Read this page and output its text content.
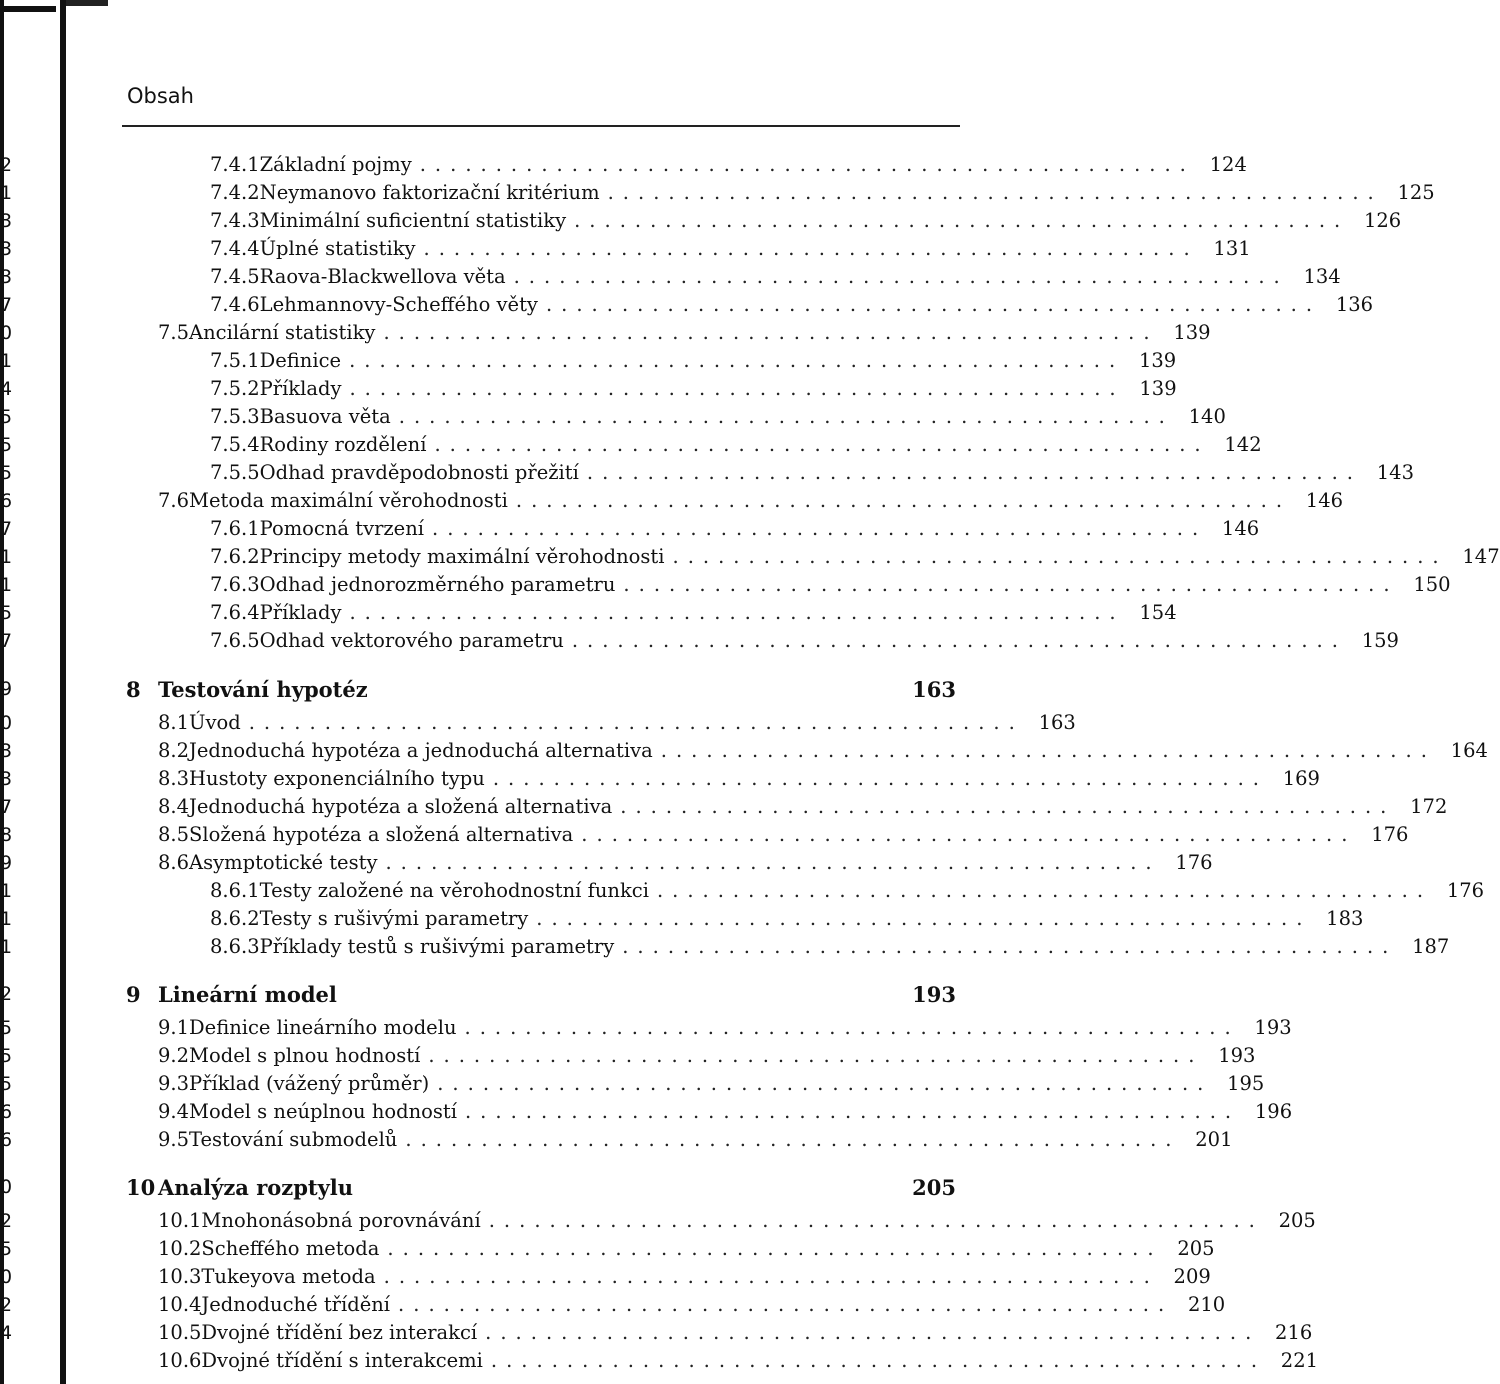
2
1
3
3
3
7
0
1
4
5
5
5
6
7
1
1
5
7
9
0
3
3
7
8
9
1
1
1
2
5
5
5
6
6
0
2
5
0
2
4
Obsah
7.4.1 Základní pojmy ................................................... 124
7.4.2 Neymanovo faktorizační kritérium ................................................... 125
7.4.3 Minimální suficientní statistiky ................................................... 126
7.4.4 Úplné statistiky ................................................... 131
7.4.5 Raova-Blackwellova věta ................................................... 134
7.4.6 Lehmannovy-Scheffého věty ................................................... 136
7.5 Ancilární statistiky ................................................... 139
7.5.1 Definice ................................................... 139
7.5.2 Příklady ................................................... 139
7.5.3 Basuova věta ................................................... 140
7.5.4 Rodiny rozdělení ................................................... 142
7.5.5 Odhad pravděpodobnosti přežití ................................................... 143
7.6 Metoda maximální věrohodnosti ................................................... 146
7.6.1 Pomocná tvrzení ................................................... 146
7.6.2 Principy metody maximální věrohodnosti ................................................... 147
7.6.3 Odhad jednorozměrného parametru ................................................... 150
7.6.4 Příklady ................................................... 154
7.6.5 Odhad vektorového parametru ................................................... 159
8 Testování hypotéz	163
8.1 Úvod ................................................... 163
8.2 Jednoduchá hypotéza a jednoduchá alternativa ................................................... 164
8.3 Hustoty exponenciálního typu ................................................... 169
8.4 Jednoduchá hypotéza a složená alternativa ................................................... 172
8.5 Složená hypotéza a složená alternativa ................................................... 176
8.6 Asymptotické testy ................................................... 176
8.6.1 Testy založené na věrohodnostní funkci ................................................... 176
8.6.2 Testy s rušivými parametry ................................................... 183
8.6.3 Příklady testů s rušivými parametry ................................................... 187
9 Lineární model	193
9.1 Definice lineárního modelu ................................................... 193
9.2 Model s plnou hodností ................................................... 193
9.3 Příklad (vážený průměr) ................................................... 195
9.4 Model s neúplnou hodností ................................................... 196
9.5 Testování submodelů ................................................... 201
10 Analýza rozptylu	205
10.1 Mnohonásobná porovnávání ................................................... 205
10.2 Scheffého metoda ................................................... 205
10.3 Tukeyova metoda ................................................... 209
10.4 Jednoduché třídění ................................................... 210
10.5 Dvojné třídění bez interakcí ................................................... 216
10.6 Dvojné třídění s interakcemi ................................................... 221
